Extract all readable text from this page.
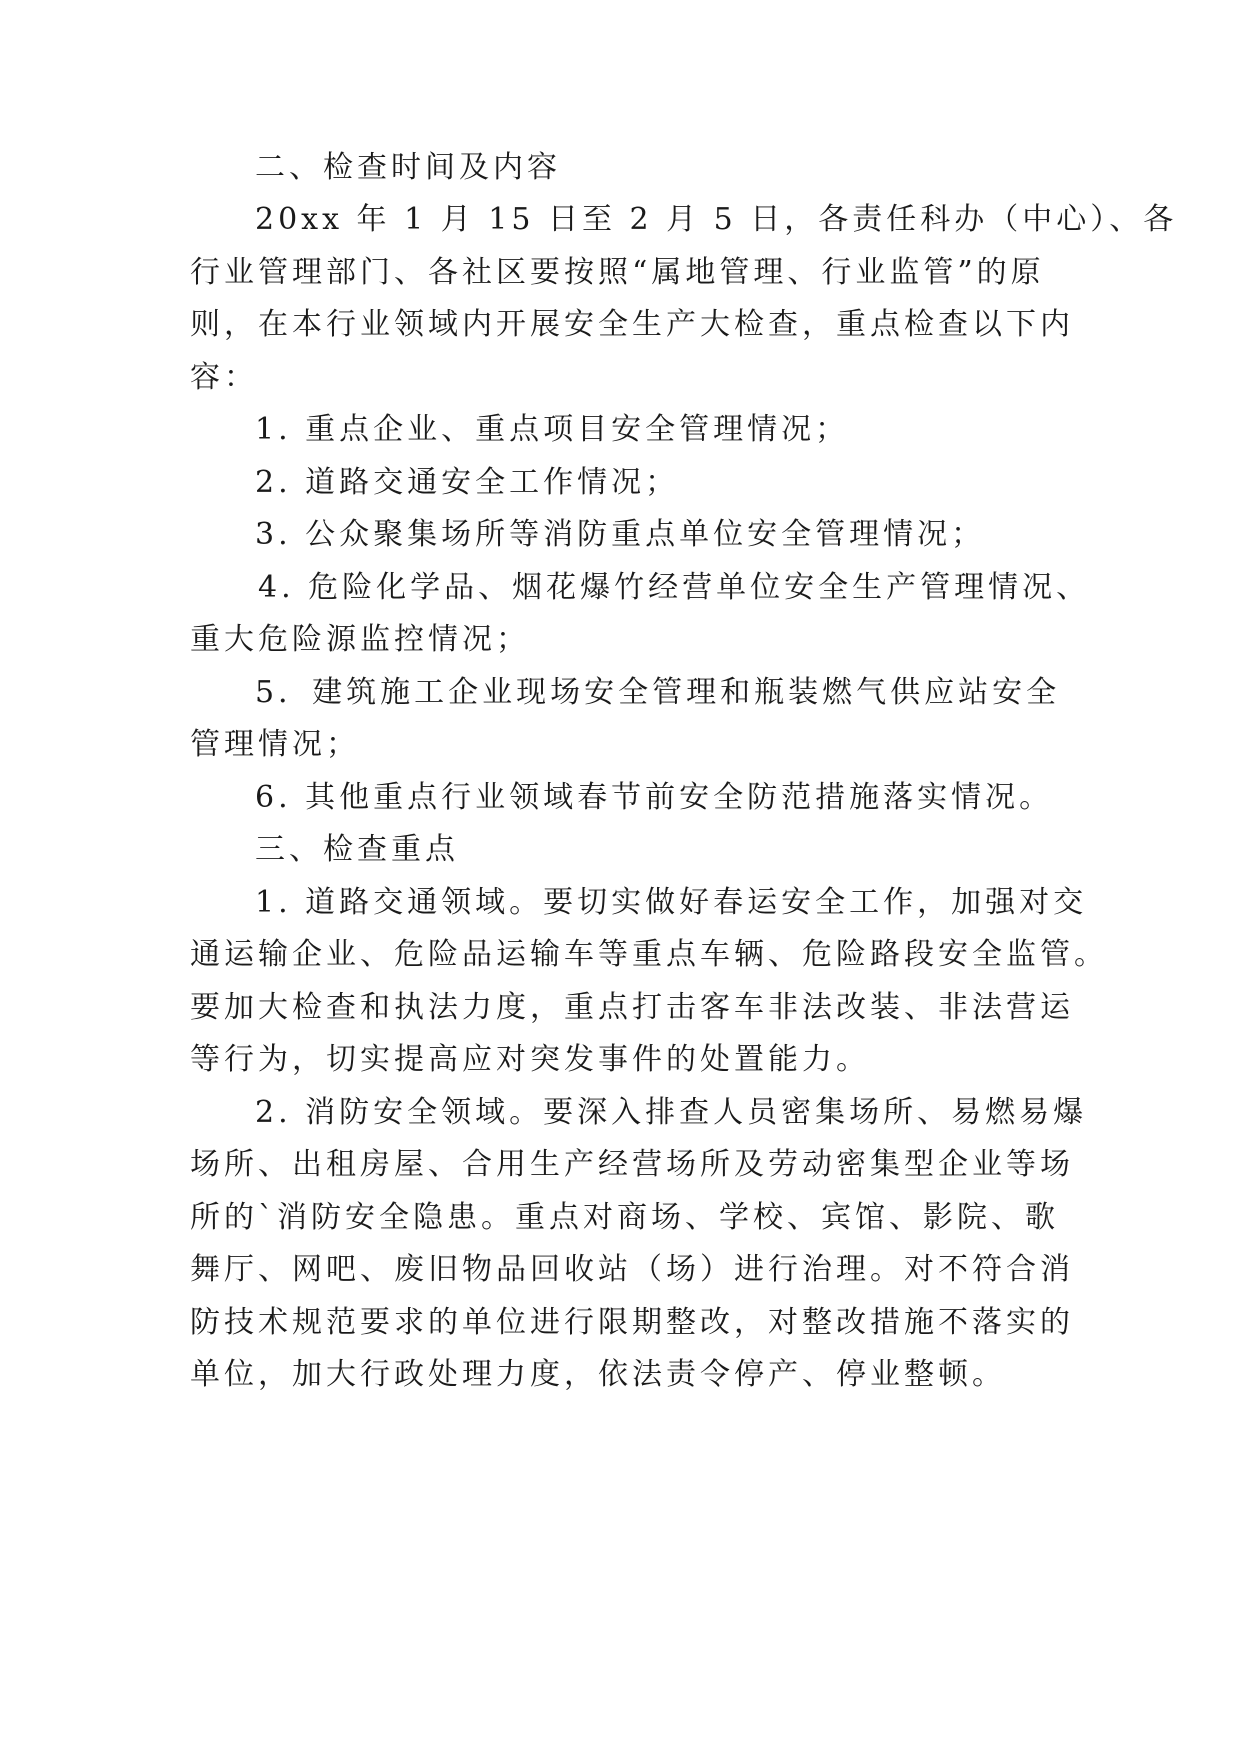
二、检查时间及内容
20xx 年 1 月 15 日至 2 月 5 日，各责任科办（中心）、各
行业管理部门、各社区要按照“属地管理、行业监管”的原
则，在本行业领域内开展安全生产大检查，重点检查以下内
容：
1. 重点企业、重点项目安全管理情况；
2. 道路交通安全工作情况；
3. 公众聚集场所等消防重点单位安全管理情况；
4. 危险化学品、烟花爆竹经营单位安全生产管理情况、
重大危险源监控情况；
5．建筑施工企业现场安全管理和瓶装燃气供应站安全
管理情况；
6. 其他重点行业领域春节前安全防范措施落实情况。
三、检查重点
1. 道路交通领域。要切实做好春运安全工作，加强对交
通运输企业、危险品运输车等重点车辆、危险路段安全监管。
要加大检查和执法力度，重点打击客车非法改装、非法营运
等行为，切实提高应对突发事件的处置能力。
2. 消防安全领域。要深入排查人员密集场所、易燃易爆
场所、出租房屋、合用生产经营场所及劳动密集型企业等场
所的`消防安全隐患。重点对商场、学校、宾馆、影院、歌
舞厅、网吧、废旧物品回收站（场）进行治理。对不符合消
防技术规范要求的单位进行限期整改，对整改措施不落实的
单位，加大行政处理力度，依法责令停产、停业整顿。
